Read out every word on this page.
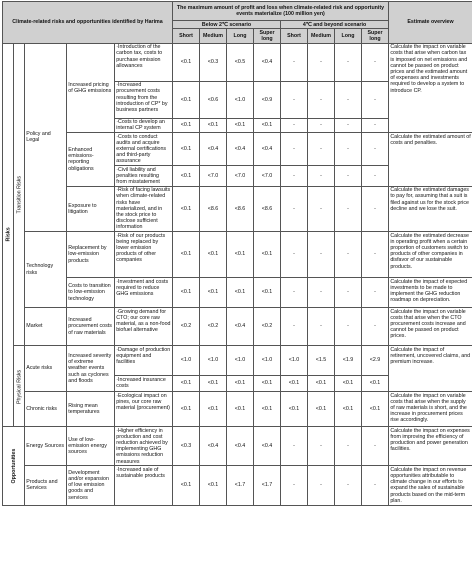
Climate-related risks and opportunities identified by Harima					The maximum amount of profit and loss when climate-related risk and opportunity events materialize (100 million yen)								Estimate overview
					Below 2℃ scenario				4℃ and beyond scenario				
					Short	Medium	Long	Super long	Short	Medium	Long	Super long	
Risks	Transition Risks	Policy and Legal	Increased pricing of GHG emissions	·Introduction of the carbon tax, costs to purchase emission allowances	<0.1	<0.3	<0.5	<0.4	-	-	-	-	Calculate the impact on variable costs that arise when carbon tax is imposed on net emissions and cannot be passed on product prices and the estimated amount of expenses and investments required to develop a system to introduce CP.
				·Increased procurement costs resulting from the introduction of CP* by business partners	<0.1	<0.6	<1.0	<0.9	-	-	-	-	
				·Costs to develop an internal CP system	<0.1	<0.1	<0.1	<0.1	-	-	-	-	
			Enhanced emissions-reporting obligations	·Costs to conduct audits and acquire external certifications and third-party assurance	<0.1	<0.4	<0.4	<0.4	-	-	-	-	Calculate the estimated amount of costs and penalties.
				·Civil liability and penalties resulting from misstatement	<0.1	<7.0	<7.0	<7.0	-	-	-	-	
			Exposure to litigation	·Risk of facing lawsuits when climate-related risks have materialized, and in the stock price to disclose sufficient information	<0.1	<8.6	<8.6	<8.6	-	-	-	-	Calculate the estimated damages to pay for, assuming that a suit is filed against us for the stock price decline and we lose the suit.
		Technology risks	Replacement by low-emission products	·Risk of our products being replaced by lower emission products of other companies	<0.1	<0.1	<0.1	<0.1	-	-	-	-	Calculate the estimated decrease in operating profit when a certain proportion of customers switch to products of other companies in disfavor of our sustainable products.
			Costs to transition to low-emission technology	·Investment and costs required to reduce GHG emissions	<0.1	<0.1	<0.1	<0.1	-	-	-	-	Calculate the impact of expected investments to be made to implement the GHG reduction roadmap on depreciation.
		Market	Increased procurement costs of raw materials	·Growing demand for CTO; our core raw material, as a non-food biofuel alternative	<0.2	<0.2	<0.4	<0.2	-	-	-	-	Calculate the impact on variable costs that arise when the CTO procurement costs increase and cannot be passed on product prices.
	Physical Risks	Acute risks	Increased severity of extreme weather events such as cyclones and floods	·Damage of production equipment and facilities	<1.0	<1.0	<1.0	<1.0	<1.0	<1.5	<1.9	<2.9	Calculate the impact of retirement, uncovered claims, and premium increase.
				·Increased insurance costs	<0.1	<0.1	<0.1	<0.1	<0.1	<0.1	<0.1	<0.1	
		Chronic risks	Rising mean temperatures	·Ecological impact on pines, our core raw material (procurement)	<0.1	<0.1	<0.1	<0.1	<0.1	<0.1	<0.1	<0.1	Calculate the impact on variable costs that arise when the supply of raw materials is short, and the increase in procurement prices rise accordingly.
Opportunities		Energy Sources	Use of low-emission energy sources	·Higher efficiency in production and cost reduction achieved by implementing GHG emissions reduction measures	<0.3	<0.4	<0.4	<0.4	-	-	-	-	Calculate the impact on expenses from improving the efficiency of production and power generation facilities.
		Products and Services	Development and/or expansion of low emission goods and services	·Increased sale of sustainable products	<0.1	<0.1	<1.7	<1.7	-	-	-	-	Calculate the impact on revenue opportunities attributable to climate change in our efforts to expand the sales of sustainable products based on the mid-term plan.
